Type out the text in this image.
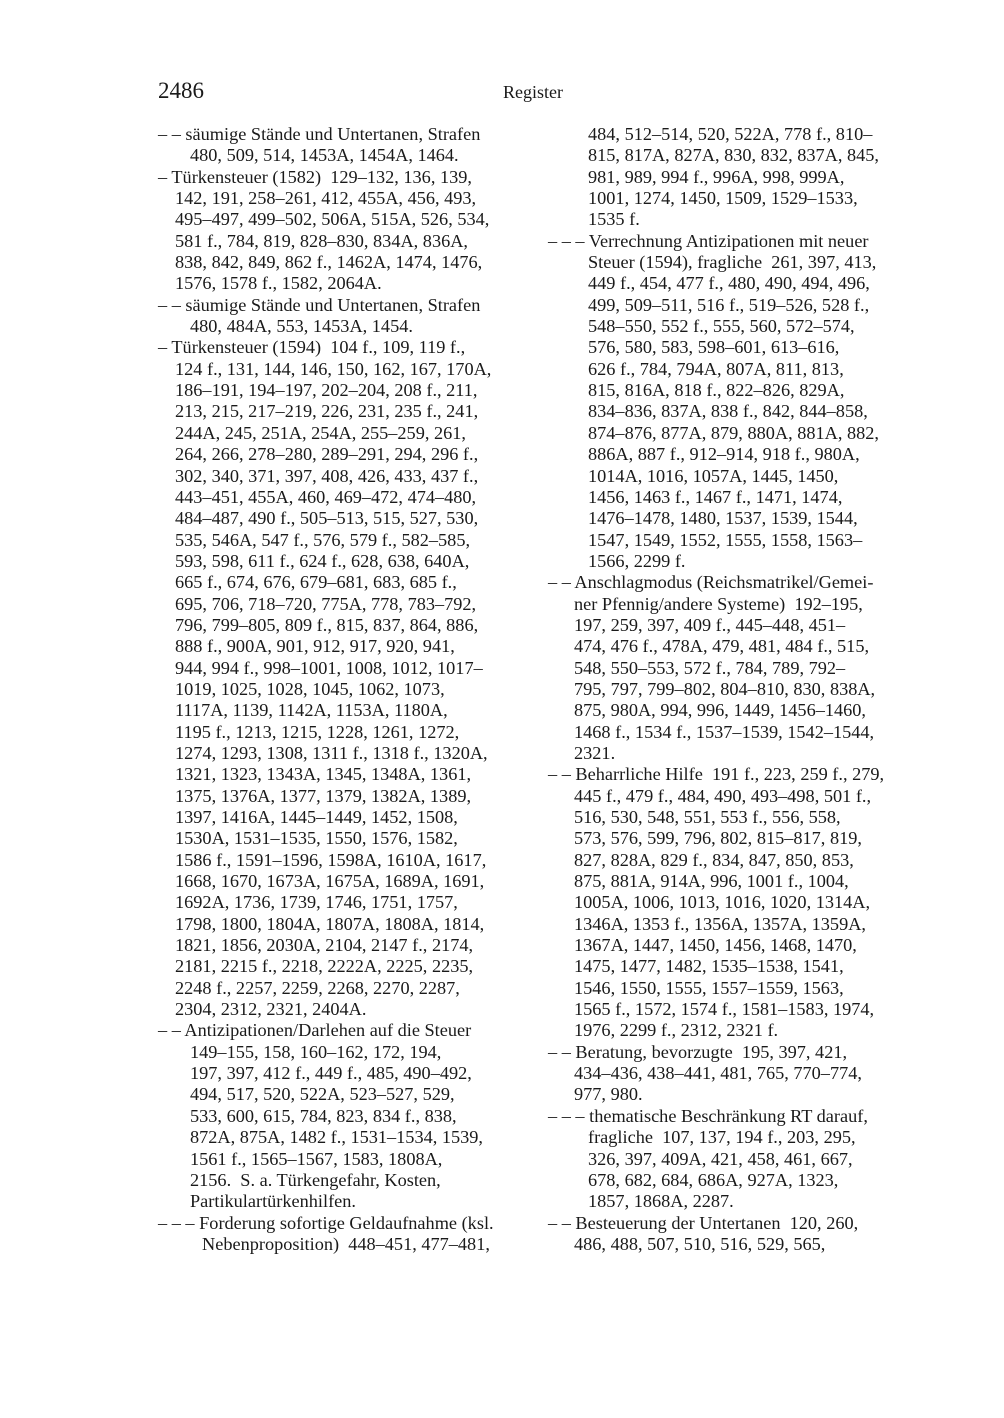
2486	Register
– – säumige Stände und Untertanen, Strafen
480, 509, 514, 1453A, 1454A, 1464.
– Türkensteuer (1582)  129–132, 136, 139,
142, 191, 258–261, 412, 455A, 456, 493,
495–497, 499–502, 506A, 515A, 526, 534,
581 f., 784, 819, 828–830, 834A, 836A,
838, 842, 849, 862 f., 1462A, 1474, 1476,
1576, 1578 f., 1582, 2064A.
– – säumige Stände und Untertanen, Strafen
480, 484A, 553, 1453A, 1454.
– Türkensteuer (1594)  104 f., 109, 119 f.,
124 f., 131, 144, 146, 150, 162, 167, 170A,
186–191, 194–197, 202–204, 208 f., 211,
213, 215, 217–219, 226, 231, 235 f., 241,
244A, 245, 251A, 254A, 255–259, 261,
264, 266, 278–280, 289–291, 294, 296 f.,
302, 340, 371, 397, 408, 426, 433, 437 f.,
443–451, 455A, 460, 469–472, 474–480,
484–487, 490 f., 505–513, 515, 527, 530,
535, 546A, 547 f., 576, 579 f., 582–585,
593, 598, 611 f., 624 f., 628, 638, 640A,
665 f., 674, 676, 679–681, 683, 685 f.,
695, 706, 718–720, 775A, 778, 783–792,
796, 799–805, 809 f., 815, 837, 864, 886,
888 f., 900A, 901, 912, 917, 920, 941,
944, 994 f., 998–1001, 1008, 1012, 1017–
1019, 1025, 1028, 1045, 1062, 1073,
1117A, 1139, 1142A, 1153A, 1180A,
1195 f., 1213, 1215, 1228, 1261, 1272,
1274, 1293, 1308, 1311 f., 1318 f., 1320A,
1321, 1323, 1343A, 1345, 1348A, 1361,
1375, 1376A, 1377, 1379, 1382A, 1389,
1397, 1416A, 1445–1449, 1452, 1508,
1530A, 1531–1535, 1550, 1576, 1582,
1586 f., 1591–1596, 1598A, 1610A, 1617,
1668, 1670, 1673A, 1675A, 1689A, 1691,
1692A, 1736, 1739, 1746, 1751, 1757,
1798, 1800, 1804A, 1807A, 1808A, 1814,
1821, 1856, 2030A, 2104, 2147 f., 2174,
2181, 2215 f., 2218, 2222A, 2225, 2235,
2248 f., 2257, 2259, 2268, 2270, 2287,
2304, 2312, 2321, 2404A.
– – Antizipationen/Darlehen auf die Steuer
149–155, 158, 160–162, 172, 194,
197, 397, 412 f., 449 f., 485, 490–492,
494, 517, 520, 522A, 523–527, 529,
533, 600, 615, 784, 823, 834 f., 838,
872A, 875A, 1482 f., 1531–1534, 1539,
1561 f., 1565–1567, 1583, 1808A,
2156.  S. a. Türkengefahr, Kosten,
Partikulartürkenhilfen.
– – – Forderung sofortige Geldaufnahme (ksl.
Nebenproposition)  448–451, 477–481,
484, 512–514, 520, 522A, 778 f., 810–
815, 817A, 827A, 830, 832, 837A, 845,
981, 989, 994 f., 996A, 998, 999A,
1001, 1274, 1450, 1509, 1529–1533,
1535 f.
– – – Verrechnung Antizipationen mit neuer
Steuer (1594), fragliche  261, 397, 413,
449 f., 454, 477 f., 480, 490, 494, 496,
499, 509–511, 516 f., 519–526, 528 f.,
548–550, 552 f., 555, 560, 572–574,
576, 580, 583, 598–601, 613–616,
626 f., 784, 794A, 807A, 811, 813,
815, 816A, 818 f., 822–826, 829A,
834–836, 837A, 838 f., 842, 844–858,
874–876, 877A, 879, 880A, 881A, 882,
886A, 887 f., 912–914, 918 f., 980A,
1014A, 1016, 1057A, 1445, 1450,
1456, 1463 f., 1467 f., 1471, 1474,
1476–1478, 1480, 1537, 1539, 1544,
1547, 1549, 1552, 1555, 1558, 1563–
1566, 2299 f.
– – Anschlagmodus (Reichsmatrikel/Gemei-
ner Pfennig/andere Systeme)  192–195,
197, 259, 397, 409 f., 445–448, 451–
474, 476 f., 478A, 479, 481, 484 f., 515,
548, 550–553, 572 f., 784, 789, 792–
795, 797, 799–802, 804–810, 830, 838A,
875, 980A, 994, 996, 1449, 1456–1460,
1468 f., 1534 f., 1537–1539, 1542–1544,
2321.
– – Beharrliche Hilfe  191 f., 223, 259 f., 279,
445 f., 479 f., 484, 490, 493–498, 501 f.,
516, 530, 548, 551, 553 f., 556, 558,
573, 576, 599, 796, 802, 815–817, 819,
827, 828A, 829 f., 834, 847, 850, 853,
875, 881A, 914A, 996, 1001 f., 1004,
1005A, 1006, 1013, 1016, 1020, 1314A,
1346A, 1353 f., 1356A, 1357A, 1359A,
1367A, 1447, 1450, 1456, 1468, 1470,
1475, 1477, 1482, 1535–1538, 1541,
1546, 1550, 1555, 1557–1559, 1563,
1565 f., 1572, 1574 f., 1581–1583, 1974,
1976, 2299 f., 2312, 2321 f.
– – Beratung, bevorzugte  195, 397, 421,
434–436, 438–441, 481, 765, 770–774,
977, 980.
– – – thematische Beschränkung RT darauf,
fragliche  107, 137, 194 f., 203, 295,
326, 397, 409A, 421, 458, 461, 667,
678, 682, 684, 686A, 927A, 1323,
1857, 1868A, 2287.
– – Besteuerung der Untertanen  120, 260,
486, 488, 507, 510, 516, 529, 565,
